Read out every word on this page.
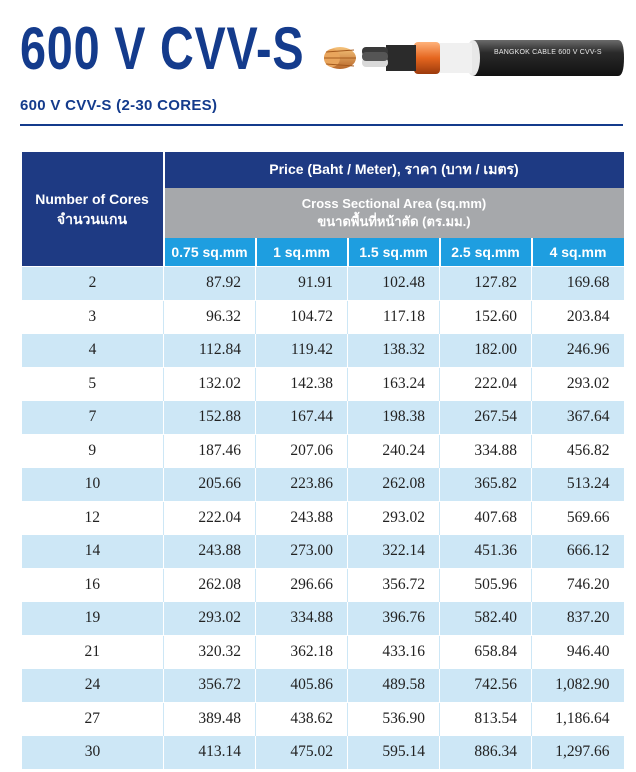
600 V CVV-S	BANGKOK CABLE 600 V CVV-S
600 V CVV-S (2-30 CORES)
Number of Cores
จำนวนแกน	Price (Baht / Meter), ราคา (บาท / เมตร)				

	Cross Sectional Area (sq.mm)
ขนาดพื้นที่หน้าตัด (ตร.มม.)				

	0.75 sq.mm	1 sq.mm	1.5 sq.mm	2.5 sq.mm	4 sq.mm
2	87.92	91.91	102.48	127.82	169.68
3	96.32	104.72	117.18	152.60	203.84
4	112.84	119.42	138.32	182.00	246.96
5	132.02	142.38	163.24	222.04	293.02
7	152.88	167.44	198.38	267.54	367.64
9	187.46	207.06	240.24	334.88	456.82
10	205.66	223.86	262.08	365.82	513.24
12	222.04	243.88	293.02	407.68	569.66
14	243.88	273.00	322.14	451.36	666.12
16	262.08	296.66	356.72	505.96	746.20
19	293.02	334.88	396.76	582.40	837.20
21	320.32	362.18	433.16	658.84	946.40
24	356.72	405.86	489.58	742.56	1,082.90
27	389.48	438.62	536.90	813.54	1,186.64
30	413.14	475.02	595.14	886.34	1,297.66
